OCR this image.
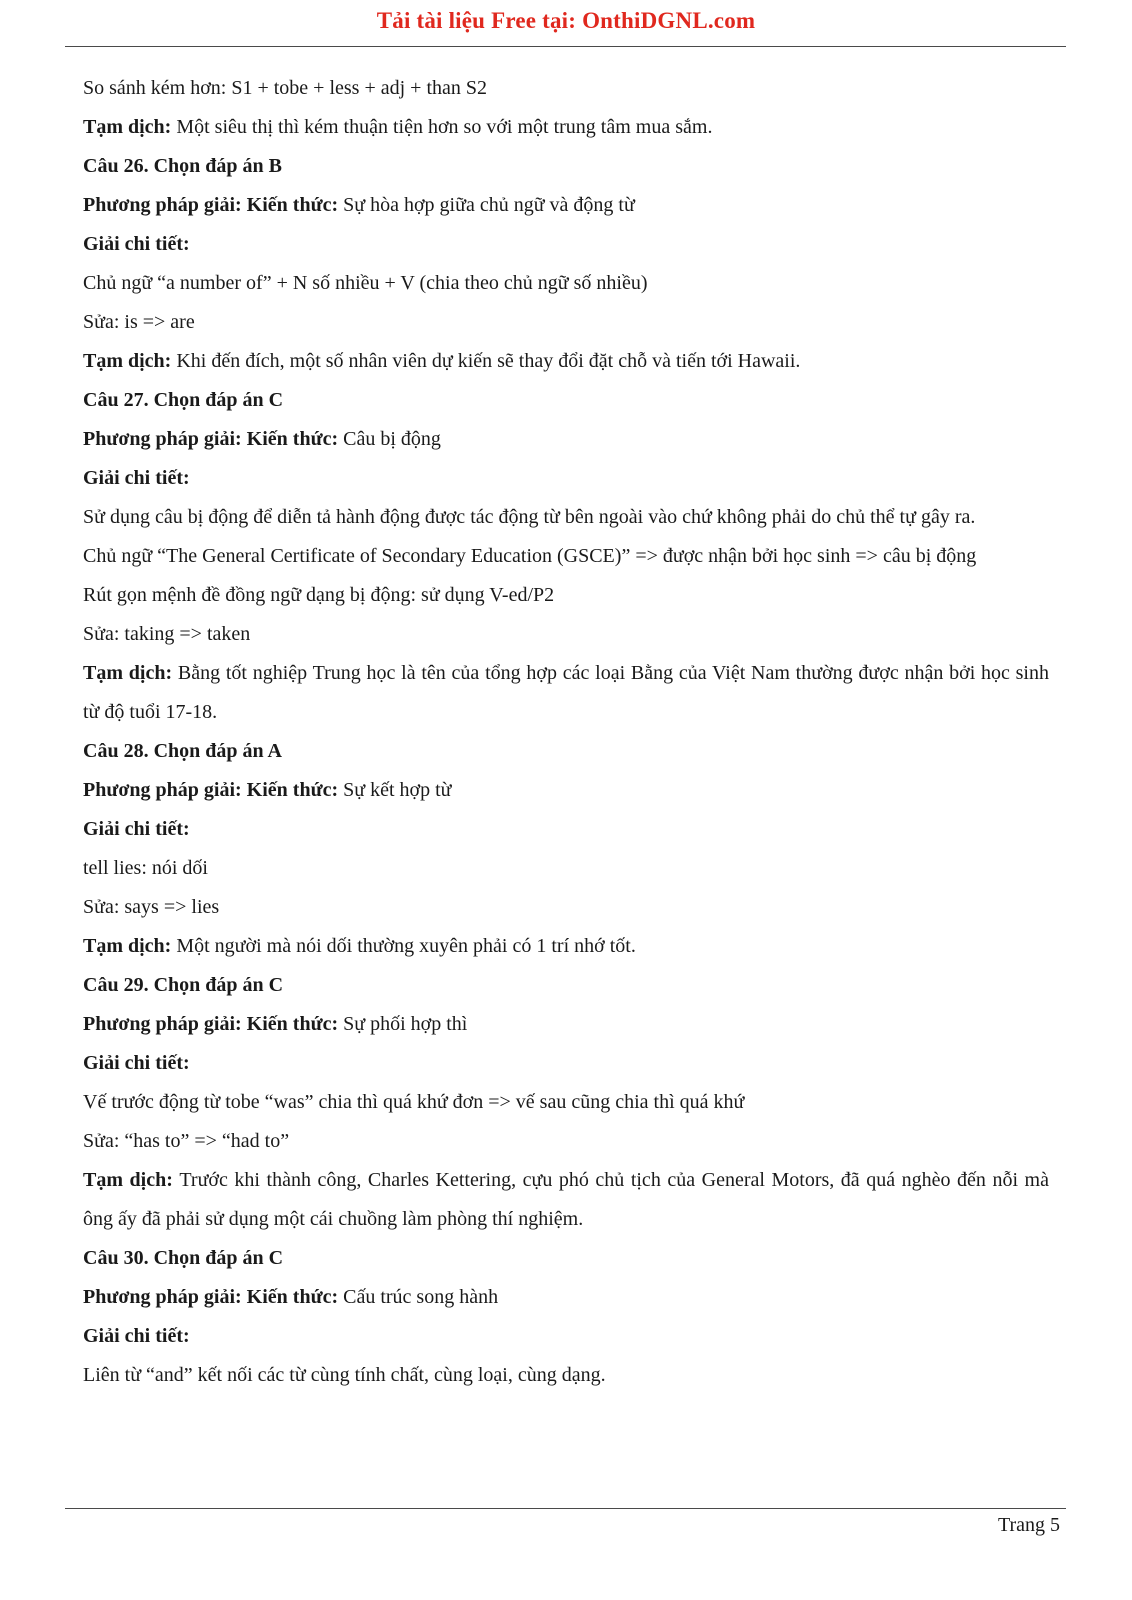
Tải tài liệu Free tại: OnthiDGNL.com

So sánh kém hơn: S1 + tobe + less + adj + than S2

Tạm dịch: Một siêu thị thì kém thuận tiện hơn so với một trung tâm mua sắm.

Câu 26. Chọn đáp án B

Phương pháp giải: Kiến thức: Sự hòa hợp giữa chủ ngữ và động từ

Giải chi tiết:

Chủ ngữ “a number of” + N số nhiều + V (chia theo chủ ngữ số nhiều)

Sửa: is => are

Tạm dịch: Khi đến đích, một số nhân viên dự kiến sẽ thay đổi đặt chỗ và tiến tới Hawaii.

Câu 27. Chọn đáp án C

Phương pháp giải: Kiến thức: Câu bị động

Giải chi tiết:

Sử dụng câu bị động để diễn tả hành động được tác động từ bên ngoài vào chứ không phải do chủ thể tự gây ra.

Chủ ngữ “The General Certificate of Secondary Education (GSCE)” => được nhận bởi học sinh => câu bị động

Rút gọn mệnh đề đồng ngữ dạng bị động: sử dụng V-ed/P2

Sửa: taking => taken

Tạm dịch: Bằng tốt nghiệp Trung học là tên của tổng hợp các loại Bằng của Việt Nam thường được nhận bởi học sinh từ độ tuổi 17-18.

Câu 28. Chọn đáp án A

Phương pháp giải: Kiến thức: Sự kết hợp từ

Giải chi tiết:

tell lies: nói dối

Sửa: says => lies

Tạm dịch: Một người mà nói dối thường xuyên phải có 1 trí nhớ tốt.

Câu 29. Chọn đáp án C

Phương pháp giải: Kiến thức: Sự phối hợp thì

Giải chi tiết:

Vế trước động từ tobe “was” chia thì quá khứ đơn => vế sau cũng chia thì quá khứ

Sửa: “has to” => “had to”

Tạm dịch: Trước khi thành công, Charles Kettering, cựu phó chủ tịch của General Motors, đã quá nghèo đến nỗi mà ông ấy đã phải sử dụng một cái chuồng làm phòng thí nghiệm.

Câu 30. Chọn đáp án C

Phương pháp giải: Kiến thức: Cấu trúc song hành

Giải chi tiết:

Liên từ “and” kết nối các từ cùng tính chất, cùng loại, cùng dạng.

Trang 5
